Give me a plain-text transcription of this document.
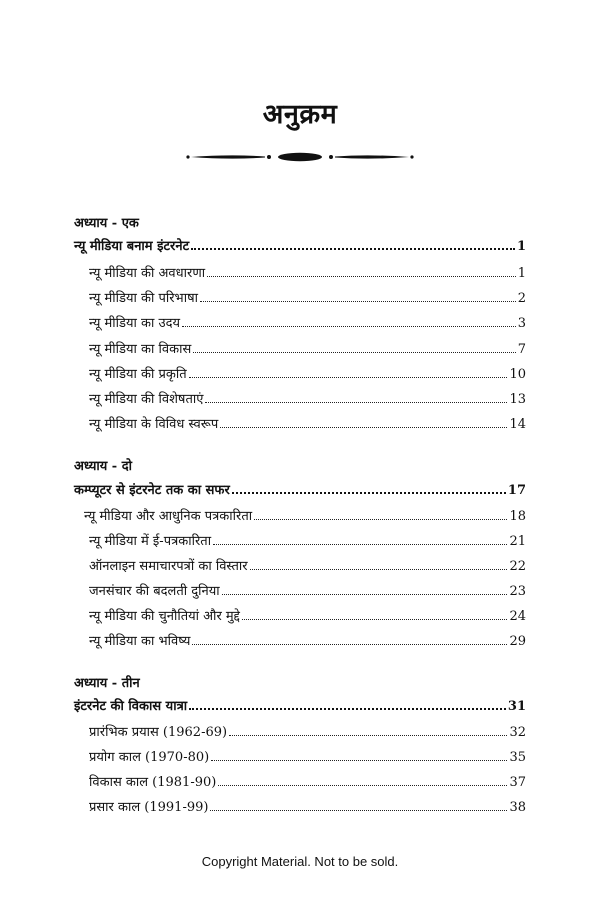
अनुक्रम
अध्याय - एक
न्यू मीडिया बनाम इंटरनेट	1
न्यू मीडिया की अवधारणा	1
न्यू मीडिया की परिभाषा	2
न्यू मीडिया का उदय	3
न्यू मीडिया का विकास	7
न्यू मीडिया की प्रकृति	10
न्यू मीडिया की विशेषताएं	13
न्यू मीडिया के विविध स्वरूप	14
अध्याय - दो
कम्प्यूटर से इंटरनेट तक का सफर	17
न्यू मीडिया और आधुनिक पत्रकारिता	18
न्यू मीडिया में ई-पत्रकारिता	21
ऑनलाइन समाचारपत्रों का विस्तार	22
जनसंचार की बदलती दुनिया	23
न्यू मीडिया की चुनौतियां और मुद्दे	24
न्यू मीडिया का भविष्य	29
अध्याय - तीन
इंटरनेट की विकास यात्रा	31
प्रारंभिक प्रयास (1962-69)	32
प्रयोग काल (1970-80)	35
विकास काल (1981-90)	37
प्रसार काल (1991-99)	38
Copyright Material. Not to be sold.
